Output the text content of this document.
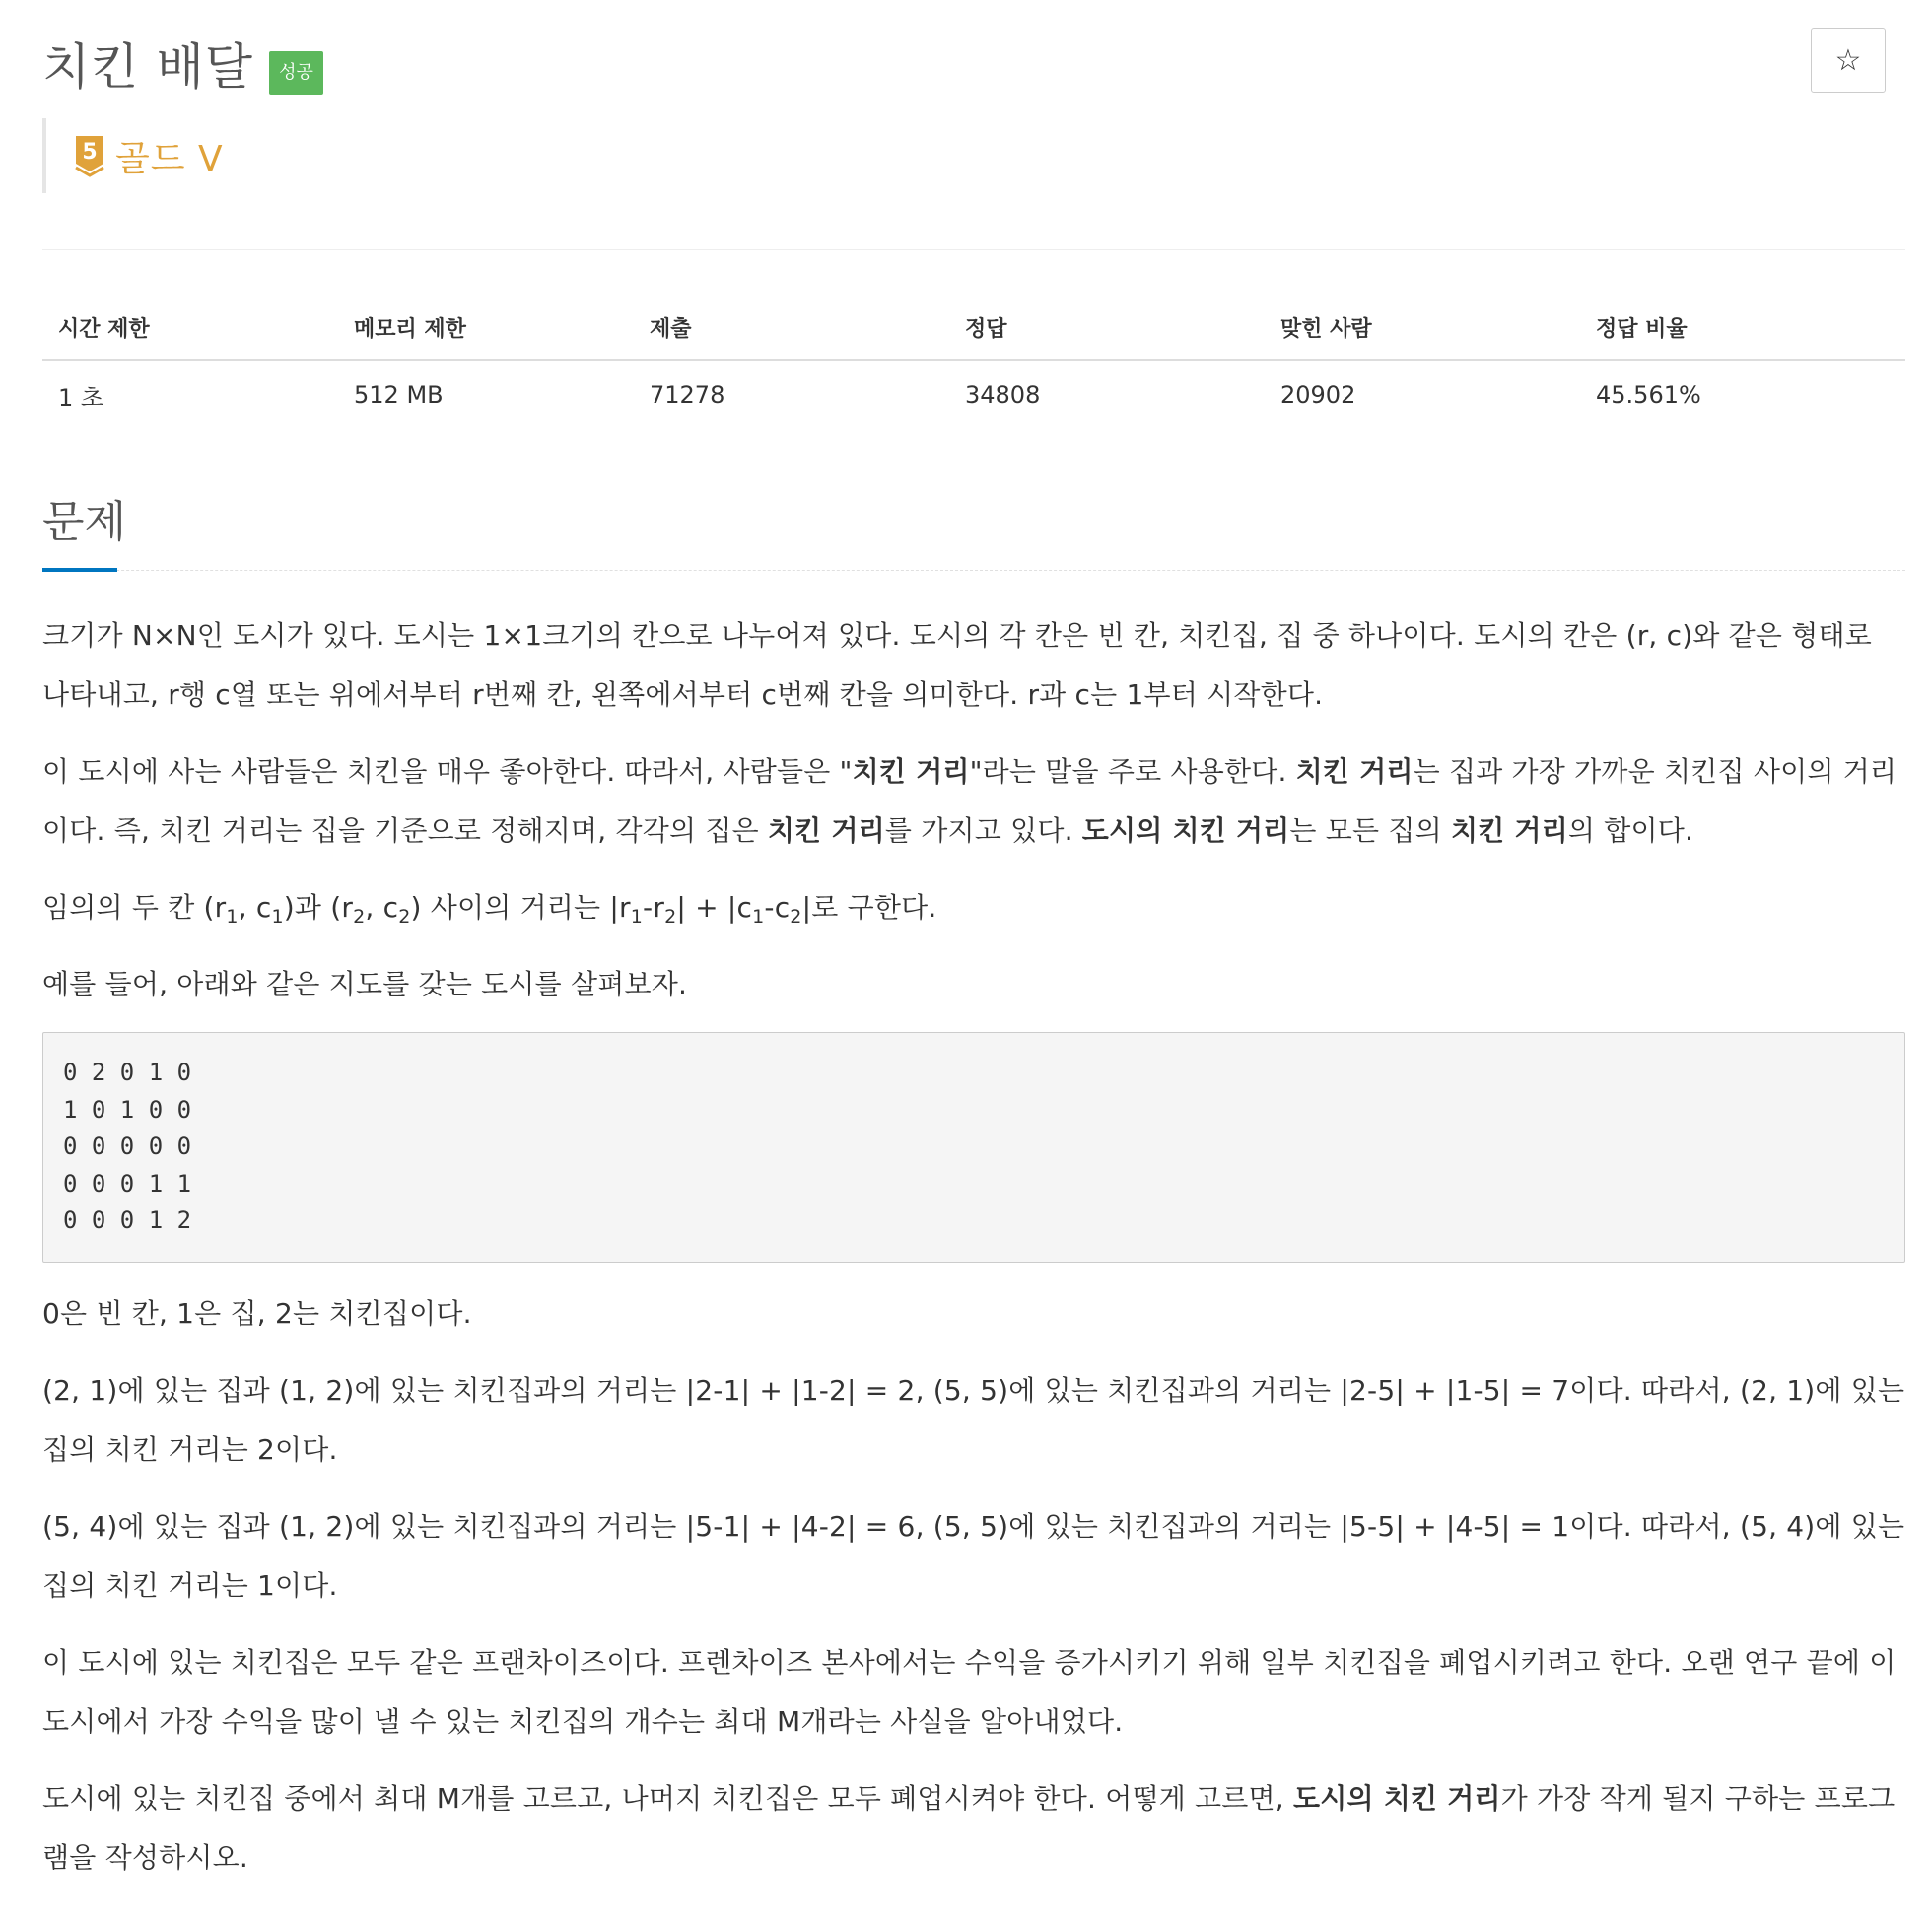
치킨 배달	성공	☆
5 골드 V
시간 제한	메모리 제한	제출	정답	맞힌 사람	정답 비율
1 초	512 MB	71278	34808	20902	45.561%
문제

크기가 N×N인 도시가 있다. 도시는 1×1크기의 칸으로 나누어져 있다. 도시의 각 칸은 빈 칸, 치킨집, 집 중 하나이다. 도시의 칸은 (r, c)와 같은 형태로 나타내고, r행 c열 또는 위에서부터 r번째 칸, 왼쪽에서부터 c번째 칸을 의미한다. r과 c는 1부터 시작한다.

이 도시에 사는 사람들은 치킨을 매우 좋아한다. 따라서, 사람들은 "치킨 거리"라는 말을 주로 사용한다. 치킨 거리는 집과 가장 가까운 치킨집 사이의 거리이다. 즉, 치킨 거리는 집을 기준으로 정해지며, 각각의 집은 치킨 거리를 가지고 있다. 도시의 치킨 거리는 모든 집의 치킨 거리의 합이다.

임의의 두 칸 ($r_1$, $c_1$)과 ($r_2$, $c_2$) 사이의 거리는 $|r_1-r_2| + |c_1-c_2|$로 구한다.

예를 들어, 아래와 같은 지도를 갖는 도시를 살펴보자.

0 2 0 1 0
1 0 1 0 0
0 0 0 0 0
0 0 0 1 1
0 0 0 1 2

0은 빈 칸, 1은 집, 2는 치킨집이다.

(2, 1)에 있는 집과 (1, 2)에 있는 치킨집과의 거리는 |2-1| + |1-2| = 2, (5, 5)에 있는 치킨집과의 거리는 |2-5| + |1-5| = 7이다. 따라서, (2, 1)에 있는 집의 치킨 거리는 2이다.

(5, 4)에 있는 집과 (1, 2)에 있는 치킨집과의 거리는 |5-1| + |4-2| = 6, (5, 5)에 있는 치킨집과의 거리는 |5-5| + |4-5| = 1이다. 따라서, (5, 4)에 있는 집의 치킨 거리는 1이다.

이 도시에 있는 치킨집은 모두 같은 프랜차이즈이다. 프렌차이즈 본사에서는 수익을 증가시키기 위해 일부 치킨집을 폐업시키려고 한다. 오랜 연구 끝에 이 도시에서 가장 수익을 많이 낼 수 있는 치킨집의 개수는 최대 M개라는 사실을 알아내었다.

도시에 있는 치킨집 중에서 최대 M개를 고르고, 나머지 치킨집은 모두 폐업시켜야 한다. 어떻게 고르면, 도시의 치킨 거리가 가장 작게 될지 구하는 프로그램을 작성하시오.
